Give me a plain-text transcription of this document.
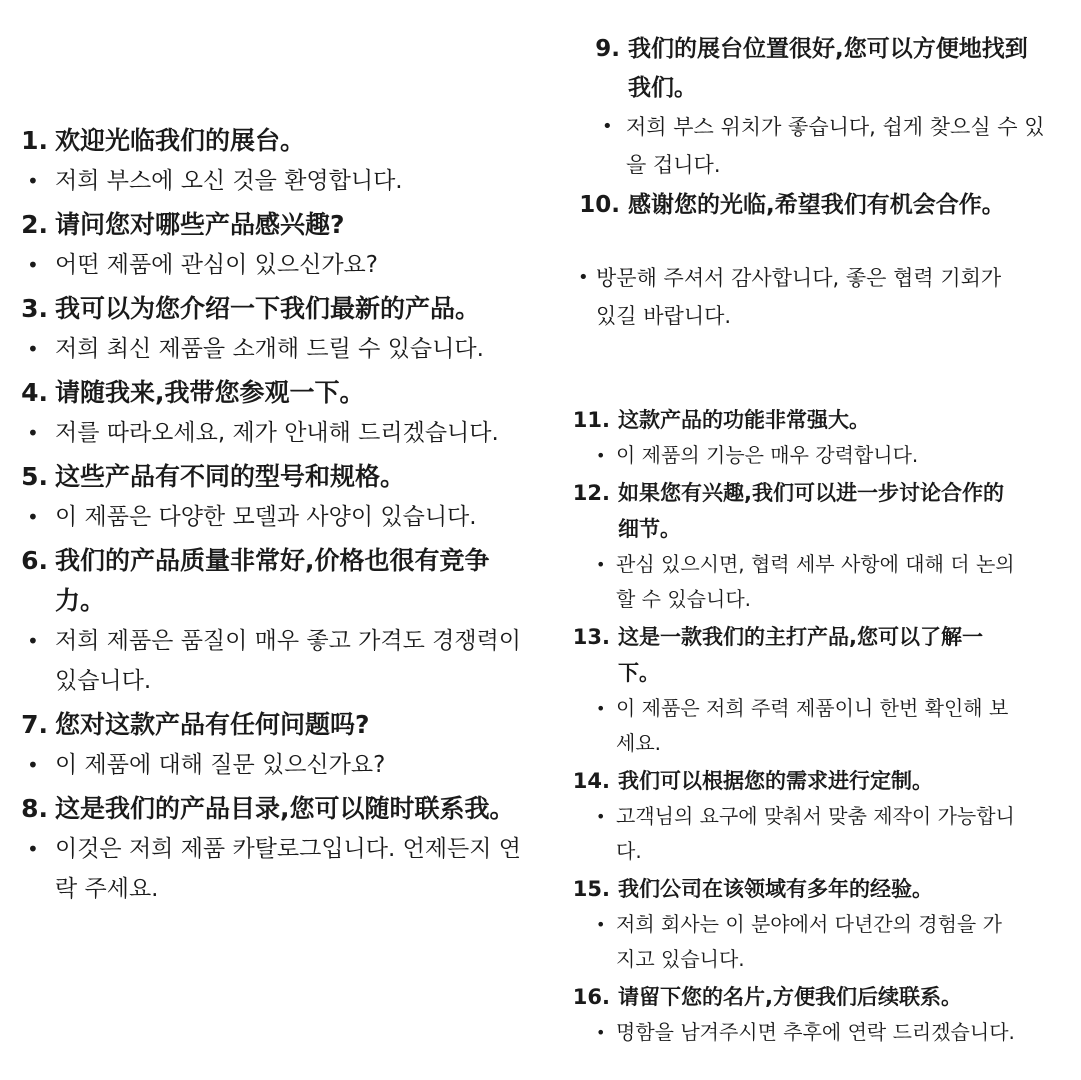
1. 欢迎光临我们的展台。
• 저희 부스에 오신 것을 환영합니다.
2. 请问您对哪些产品感兴趣?
• 어떤 제품에 관심이 있으신가요?
3. 我可以为您介绍一下我们最新的产品。
• 저희 최신 제품을 소개해 드릴 수 있습니다.
4. 请随我来,我带您参观一下。
• 저를 따라오세요, 제가 안내해 드리겠습니다.
5. 这些产品有不同的型号和规格。
• 이 제품은 다양한 모델과 사양이 있습니다.
6. 我们的产品质量非常好,价格也很有竞争力。
• 저희 제품은 품질이 매우 좋고 가격도 경쟁력이 있습니다.
7. 您对这款产品有任何问题吗?
• 이 제품에 대해 질문 있으신가요?
8. 这是我们的产品目录,您可以随时联系我。
• 이것은 저희 제품 카탈로그입니다. 언제든지 연락 주세요.
9. 我们的展台位置很好,您可以方便地找到我们。
• 저희 부스 위치가 좋습니다, 쉽게 찾으실 수 있을 겁니다.
10. 感谢您的光临,希望我们有机会合作。
• 방문해 주셔서 감사합니다, 좋은 협력 기회가 있길 바랍니다.
11. 这款产品的功能非常强大。
• 이 제품의 기능은 매우 강력합니다.
12. 如果您有兴趣,我们可以进一步讨论合作的细节。
• 관심 있으시면, 협력 세부 사항에 대해 더 논의할 수 있습니다.
13. 这是一款我们的主打产品,您可以了解一下。
• 이 제품은 저희 주력 제품이니 한번 확인해 보세요.
14. 我们可以根据您的需求进行定制。
• 고객님의 요구에 맞춰서 맞춤 제작이 가능합니다.
15. 我们公司在该领域有多年的经验。
• 저희 회사는 이 분야에서 다년간의 경험을 가지고 있습니다.
16. 请留下您的名片,方便我们后续联系。
• 명함을 남겨주시면 추후에 연락 드리겠습니다.
